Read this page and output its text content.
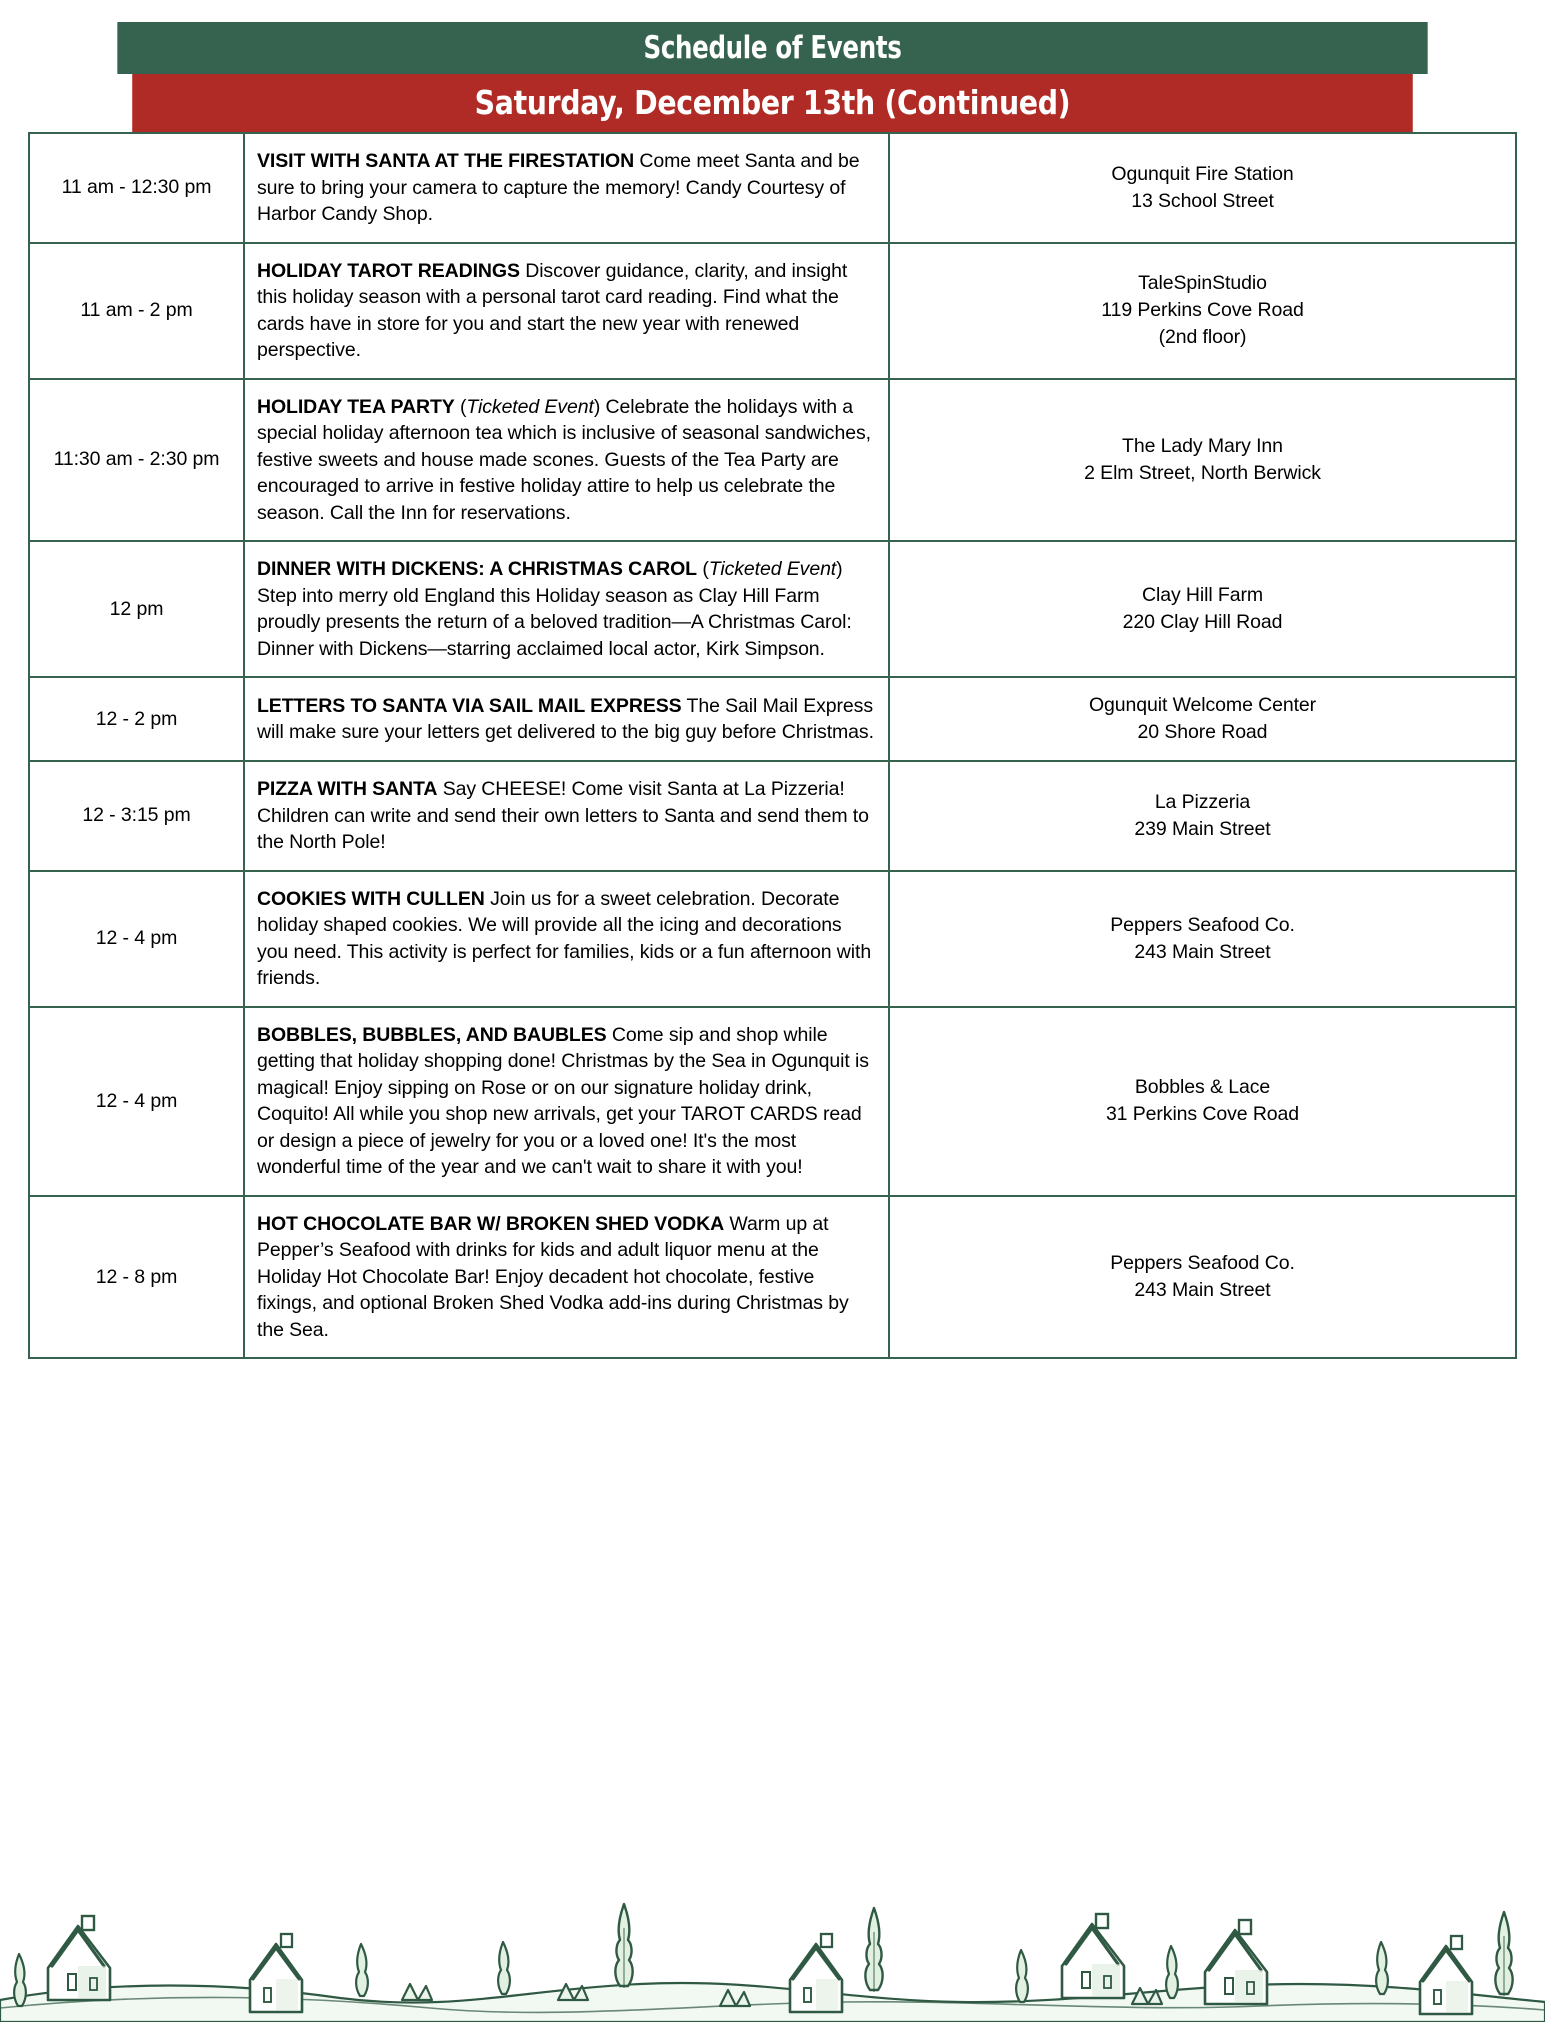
Schedule of Events
Saturday, December 13th (Continued)
11 am - 12:30 pm	VISIT WITH SANTA AT THE FIRESTATION Come meet Santa and be sure to bring your camera to capture the memory! Candy Courtesy of Harbor Candy Shop.	Ogunquit Fire Station
13 School Street

11 am - 2 pm	HOLIDAY TAROT READINGS Discover guidance, clarity, and insight this holiday season with a personal tarot card reading. Find what the cards have in store for you and start the new year with renewed perspective.	
TaleSpinStudio
119 Perkins Cove Road
(2nd floor)

11:30 am - 2:30 pm	HOLIDAY TEA PARTY (Ticketed Event) Celebrate the holidays with a special holiday afternoon tea which is inclusive of seasonal sandwiches, festive sweets and house made scones. Guests of the Tea Party are encouraged to arrive in festive holiday attire to help us celebrate the season. Call the Inn for reservations.	The Lady Mary Inn
2 Elm Street, North Berwick

12 pm	DINNER WITH DICKENS: A CHRISTMAS CAROL (Ticketed Event) Step into merry old England this Holiday season as Clay Hill Farm proudly presents the return of a beloved tradition—A Christmas Carol: Dinner with Dickens—starring acclaimed local actor, Kirk Simpson.	Clay Hill Farm
220 Clay Hill Road

12 - 2 pm	LETTERS TO SANTA VIA SAIL MAIL EXPRESS The Sail Mail Express will make sure your letters get delivered to the big guy before Christmas.	Ogunquit Welcome Center
20 Shore Road

12 - 3:15 pm	PIZZA WITH SANTA Say CHEESE! Come visit Santa at La Pizzeria! Children can write and send their own letters to Santa and send them to the North Pole!	La Pizzeria
239 Main Street

12 - 4 pm	COOKIES WITH CULLEN Join us for a sweet celebration. Decorate holiday shaped cookies. We will provide all the icing and decorations you need. This activity is perfect for families, kids or a fun afternoon with friends.	Peppers Seafood Co.
243 Main Street

12 - 4 pm	BOBBLES, BUBBLES, AND BAUBLES Come sip and shop while getting that holiday shopping done! Christmas by the Sea in Ogunquit is magical! Enjoy sipping on Rose or on our signature holiday drink, Coquito! All while you shop new arrivals, get your TAROT CARDS read or design a piece of jewelry for you or a loved one! It's the most wonderful time of the year and we can't wait to share it with you!	Bobbles & Lace
31 Perkins Cove Road

12 - 8 pm	HOT CHOCOLATE BAR W/ BROKEN SHED VODKA Warm up at Pepper’s Seafood with drinks for kids and adult liquor menu at the Holiday Hot Chocolate Bar! Enjoy decadent hot chocolate, festive fixings, and optional Broken Shed Vodka add-ins during Christmas by the Sea.	Peppers Seafood Co.
243 Main Street
